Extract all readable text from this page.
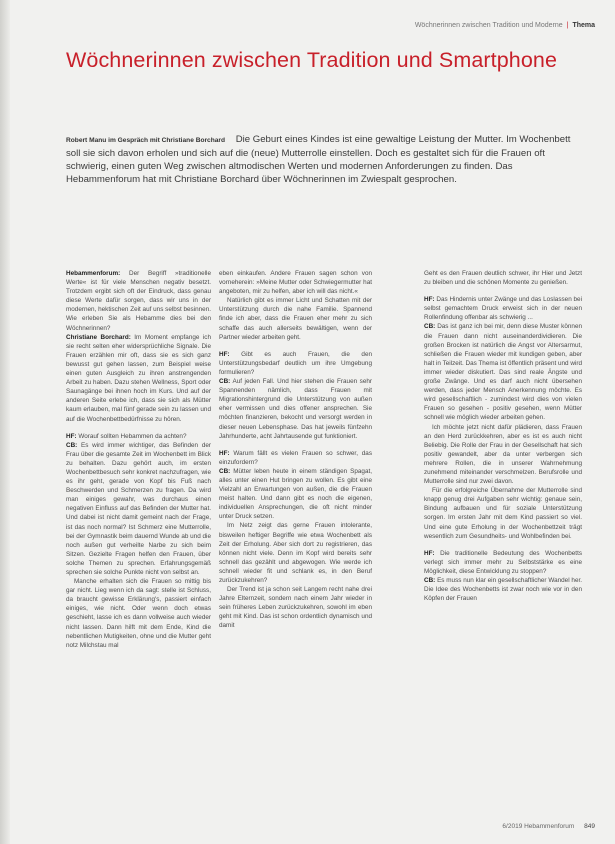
Wöchnerinnen zwischen Tradition und Moderne | Thema
Wöchnerinnen zwischen Tradition und Smartphone
Robert Manu im Gespräch mit Christiane Borchard Die Geburt eines Kindes ist eine gewaltige Leistung der Mutter. Im Wochenbett soll sie sich davon erholen und sich auf die (neue) Mutterrolle einstellen. Doch es gestaltet sich für die Frauen oft schwierig, einen guten Weg zwischen altmodischen Werten und modernen Anforderungen zu finden. Das Hebammenforum hat mit Christiane Borchard über Wöchnerinnen im Zwiespalt gesprochen.

Hebammenforum: Der Begriff »traditionelle Werte« ist für viele Menschen negativ besetzt. Trotzdem ergibt sich oft der Eindruck, dass genau diese Werte dafür sorgen, dass wir uns in der modernen, hektischen Zeit auf uns selbst besinnen. Wie erleben Sie als Hebamme dies bei den Wöchnerinnen?

Christiane Borchard: Im Moment empfange ich sie recht selten eher widersprüchliche Signale. Die Frauen erzählen mir oft, dass sie es sich ganz bewusst gut gehen lassen, zum Beispiel weise einen guten Ausgleich zu ihren anstrengenden Arbeit zu haben. Dazu stehen Wellness, Sport oder Saunagänge bei ihnen hoch im Kurs. Und auf der anderen Seite erlebe ich, dass sie sich als Mütter kaum erlauben, mal fünf gerade sein zu lassen und auf die Wochenbettbedürfnisse zu hören.

HF: Worauf sollten Hebammen da achten?

CB: Es wird immer wichtiger, das Befinden der Frau über die gesamte Zeit im Wochenbett im Blick zu behalten. Dazu gehört auch, im ersten Wochenbettbesuch sehr konkret nachzufragen, wie es ihr geht, gerade von Kopf bis Fuß nach Beschwerden und Schmerzen zu fragen. Da wird man einiges gewahr, was durchaus einen negativen Einfluss auf das Befinden der Mutter hat. Und dabei ist nicht damit gemeint nach der Frage, ist das noch normal? Ist Schmerz eine Mutterrolle, bei der Gymnastik beim dauernd Wunde ab und die noch außen gut verheilte Narbe zu sich beim Sitzen. Gezielte Fragen helfen den Frauen, über solche Themen zu sprechen. Erfahrungsgemäß sprechen sie solche Punkte nicht von selbst an.

Manche erhalten sich die Frauen so mittig bis gar nicht. Lieg wenn ich da sagt: stelle ist Schluss, da braucht gewisse Erklärung's, passiert einfach einiges, wie nicht. Oder wenn doch etwas geschieht, lasse ich es dann vollweise auch wieder nicht lassen. Dann hilft mit dem Ende, Kind die nebentlichen Mutigkeiten, ohne und die Mutter geht notz Milchstau mal

eben einkaufen. Andere Frauen sagen schon von vorneherein: »Meine Mutter oder Schwiegermutter hat angeboten, mir zu helfen, aber ich will das nicht.«

Natürlich gibt es immer Licht und Schatten mit der Unterstützung durch die nahe Familie. Spannend finde ich aber, dass die Frauen eher mehr zu sich schaffe das auch allerseits bewältigen, wenn der Partner wieder arbeiten geht.

HF: Gibt es auch Frauen, die den Unterstützungsbedarf deutlich um ihre Umgebung formulieren?

CB: Auf jeden Fall. Und hier stehen die Frauen sehr Spannenden nämlich, dass Frauen mit Migrationshintergrund die Unterstützung von außen eher vermissen und dies offener ansprechen. Sie möchten finanzieren, bekocht und versorgt werden in dieser neuen Lebensphase. Das hat jeweils fünfzehn Jahrhunderte, acht Jahrtausende gut funktioniert.

HF: Warum fällt es vielen Frauen so schwer, das einzufordern?

CB: Mütter leben heute in einem ständigen Spagat, alles unter einen Hut bringen zu wollen. Es gibt eine Vielzahl an Erwartungen von außen, die die Frauen meist halten. Und dann gibt es noch die eigenen, individuellen Ansprechungen, die oft nicht minder unter Druck setzen.

Im Netz zeigt das gerne Frauen intolerante, bisweilen heftiger Begriffe wie etwa Wochenbett als Zeit der Erholung. Aber sich dort zu registrieren, das können nicht viele. Denn im Kopf wird bereits sehr schnell das gezählt und abgewogen. Wie werde ich schnell wieder fit und schlank es, in den Beruf zurückzukehren?

Der Trend ist ja schon seit Langem recht nahe drei Jahre Elternzeit, sondern nach einem Jahr wieder in sein früheres Leben zurückzukehren, sowohl im eben geht mit Kind. Das ist schon ordentlich dynamisch und damit

Geht es den Frauen deutlich schwer, ihr Hier und Jetzt zu bleiben und die schönen Momente zu genießen.

HF: Das Hindernis unter Zwänge und das Loslassen bei selbst gemachtem Druck erweist sich in der neuen Rollenfindung offenbar als schwierig ...

CB: Das ist ganz ich bei mir, denn diese Muster können die Frauen dann nicht auseinanderdividieren. Die großen Brocken ist natürlich die Angst vor Altersarmut, schließen die Frauen wieder mit kundigen geben, aber halt in Teilzeit. Das Thema ist öffentlich präsent und wird immer wieder diskutiert. Das sind reale Ängste und große Zwänge. Und es darf auch nicht übersehen werden, dass jeder Mensch Anerkennung möchte. Es wird gesellschaftlich - zumindest wird dies von vielen Frauen so gesehen - positiv gesehen, wenn Mütter schnell wie möglich wieder arbeiten gehen.

Ich möchte jetzt nicht dafür plädieren, dass Frauen an den Herd zurückkehren, aber es ist es auch nicht Beliebig. Die Rolle der Frau in der Gesellschaft hat sich positiv gewandelt, aber da unter verbergen sich mehrere Rollen, die in unserer Wahrnehmung zunehmend miteinander verschmelzen. Berufsrolle und Mutterrolle sind nur zwei davon.

Für die erfolgreiche Übernahme der Mutterrolle sind knapp genug drei Aufgaben sehr wichtig: genaue sein, Bindung aufbauen und für soziale Unterstützung sorgen. Im ersten Jahr mit dem Kind passiert so viel. Und eine gute Erholung in der Wochenbettzeit trägt wesentlich zum Gesundheits- und Wohlbefinden bei.

HF: Die traditionelle Bedeutung des Wochenbetts verlegt sich immer mehr zu Selbststärke es eine Möglichkeit, diese Entwicklung zu stoppen?

CB: Es muss nun klar ein gesellschaftlicher Wandel her. Die Idee des Wochenbetts ist zwar noch wie vor in den Köpfen der Frauen

6/2019 Hebammenforum 849
